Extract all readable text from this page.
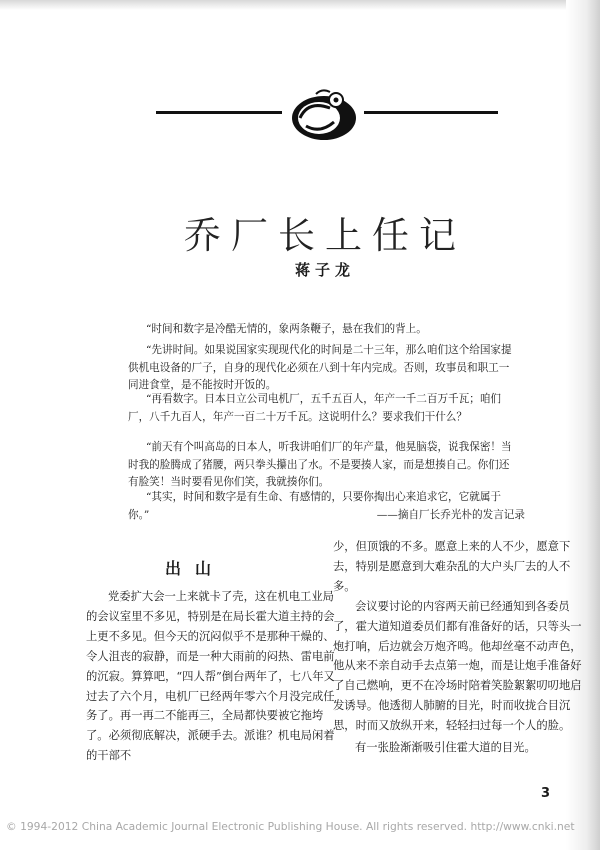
乔厂长上任记
蒋子龙

“时间和数字是冷酷无情的，象两条鞭子，悬在我们的背上。

“先讲时间。如果说国家实现现代化的时间是二十三年，那么咱们这个给国家提供机电设备的厂子，自身的现代化必须在八到十年内完成。否则，玫事员和职工一同进食堂，是不能按时开饭的。

“再看数字。日本日立公司电机厂，五千五百人，年产一千二百万千瓦；咱们厂，八千九百人，年产一百二十万千瓦。这说明什么？要求我们干什么？

“前天有个叫高岛的日本人，听我讲咱们厂的年产量，他晃脑袋，说我保密！当时我的脸腾成了猪腰，两只拳头攥出了水。不是要揍人家，而是想揍自己。你们还有脸笑！当时要看见你们笑，我就揍你们。

“其实，时间和数字是有生命、有感情的，只要你掏出心来追求它，它就属于你。”	——摘自厂长乔光朴的发言记录
出山

党委扩大会一上来就卡了壳，这在机电工业局的会议室里不多见，特别是在局长霍大道主持的会上更不多见。但今天的沉闷似乎不是那种干燥的、令人沮丧的寂静，而是一种大雨前的闷热、雷电前的沉寂。算算吧，“四人帮”倒台两年了，七八年又过去了六个月，电机厂已经两年零六个月没完成任务了。再一再二不能再三，全局都快要被它拖垮了。必须彻底解决，派硬手去。派谁？机电局闲着的干部不

少，但顶饿的不多。愿意上来的人不少，愿意下去，特别是愿意到大难杂乱的大户头厂去的人不多。

会议要讨论的内容两天前已经通知到各委员了，霍大道知道委员们都有准备好的话，只等头一炮打响，后边就会万炮齐鸣。他却丝毫不动声色，他从来不亲自动手去点第一炮，而是让炮手准备好了自己燃响，更不在冷场时陪着笑脸絮絮叨叨地启发诱导。他透彻人肺腑的目光，时而收拢合目沉思，时而又放纵开来，轻轻扫过每一个人的脸。

有一张脸渐渐吸引住霍大道的目光。

3
© 1994-2012 China Academic Journal Electronic Publishing House. All rights reserved. http://www.cnki.net
